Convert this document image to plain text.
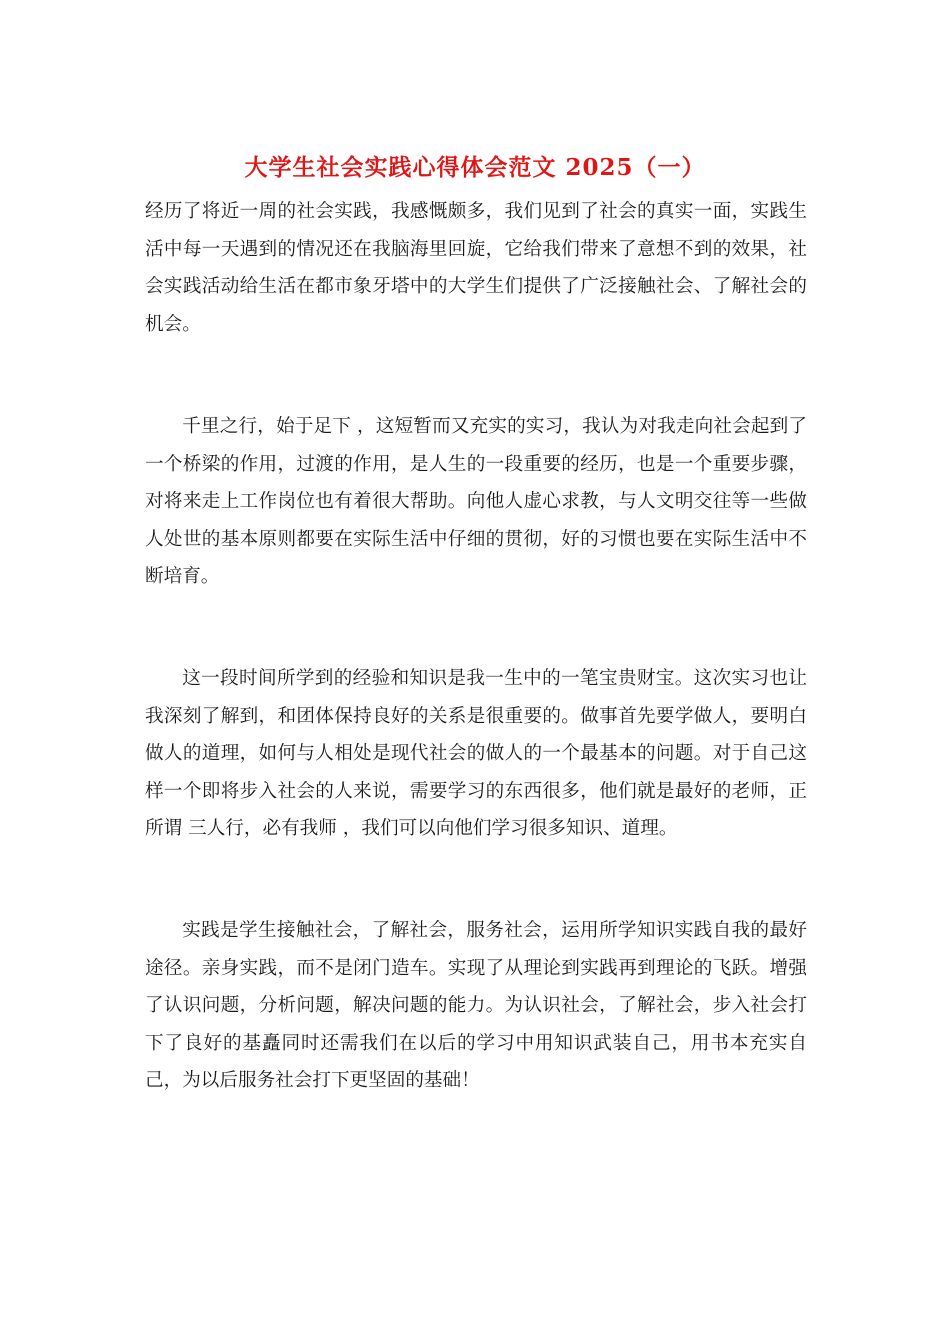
大学生社会实践心得体会范文 2025（一）

经历了将近一周的社会实践，我感慨颇多，我们见到了社会的真实一面，实践生活中每一天遇到的情况还在我脑海里回旋，它给我们带来了意想不到的效果，社会实践活动给生活在都市象牙塔中的大学生们提供了广泛接触社会、了解社会的机会。

千里之行，始于足下 ，这短暂而又充实的实习，我认为对我走向社会起到了一个桥梁的作用，过渡的作用，是人生的一段重要的经历，也是一个重要步骤，对将来走上工作岗位也有着很大帮助。向他人虚心求教，与人文明交往等一些做人处世的基本原则都要在实际生活中仔细的贯彻，好的习惯也要在实际生活中不断培育。

这一段时间所学到的经验和知识是我一生中的一笔宝贵财宝。这次实习也让我深刻了解到，和团体保持良好的关系是很重要的。做事首先要学做人，要明白做人的道理，如何与人相处是现代社会的做人的一个最基本的问题。对于自己这样一个即将步入社会的人来说，需要学习的东西很多，他们就是最好的老师，正所谓 三人行，必有我师 ，我们可以向他们学习很多知识、道理。

实践是学生接触社会，了解社会，服务社会，运用所学知识实践自我的最好途径。亲身实践，而不是闭门造车。实现了从理论到实践再到理论的飞跃。增强了认识问题，分析问题，解决问题的能力。为认识社会，了解社会，步入社会打下了良好的基矗同时还需我们在以后的学习中用知识武装自己，用书本充实自己，为以后服务社会打下更坚固的基础！
